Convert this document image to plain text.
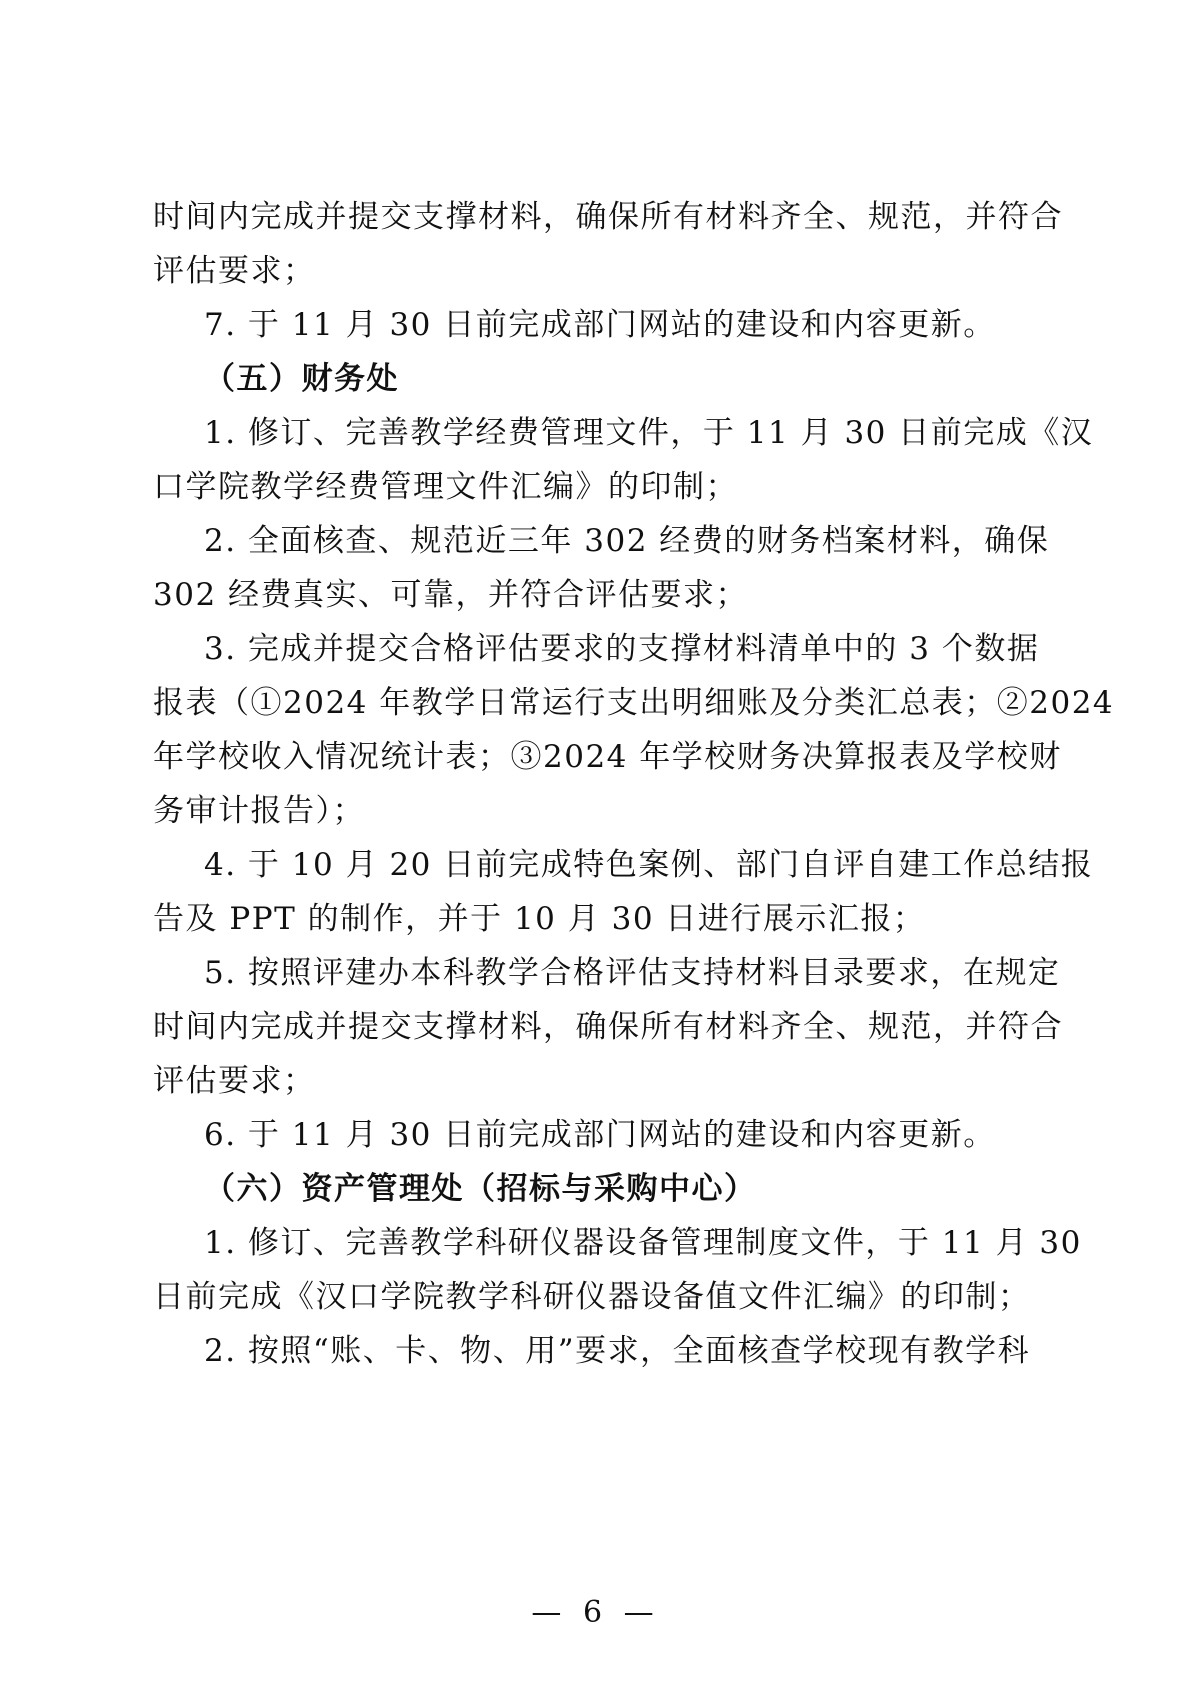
时间内完成并提交支撑材料，确保所有材料齐全、规范，并符合
评估要求；
7. 于 11 月 30 日前完成部门网站的建设和内容更新。
（五）财务处
1. 修订、完善教学经费管理文件，于 11 月 30 日前完成《汉
口学院教学经费管理文件汇编》的印制；
2. 全面核查、规范近三年 302 经费的财务档案材料，确保
302 经费真实、可靠，并符合评估要求；
3. 完成并提交合格评估要求的支撑材料清单中的 3 个数据
报表（①2024 年教学日常运行支出明细账及分类汇总表；②2024
年学校收入情况统计表；③2024 年学校财务决算报表及学校财
务审计报告）；
4. 于 10 月 20 日前完成特色案例、部门自评自建工作总结报
告及 PPT 的制作，并于 10 月 30 日进行展示汇报；
5. 按照评建办本科教学合格评估支持材料目录要求，在规定
时间内完成并提交支撑材料，确保所有材料齐全、规范，并符合
评估要求；
6. 于 11 月 30 日前完成部门网站的建设和内容更新。
（六）资产管理处（招标与采购中心）
1. 修订、完善教学科研仪器设备管理制度文件，于 11 月 30
日前完成《汉口学院教学科研仪器设备值文件汇编》的印制；
2. 按照“账、卡、物、用”要求，全面核查学校现有教学科
— 6 —
